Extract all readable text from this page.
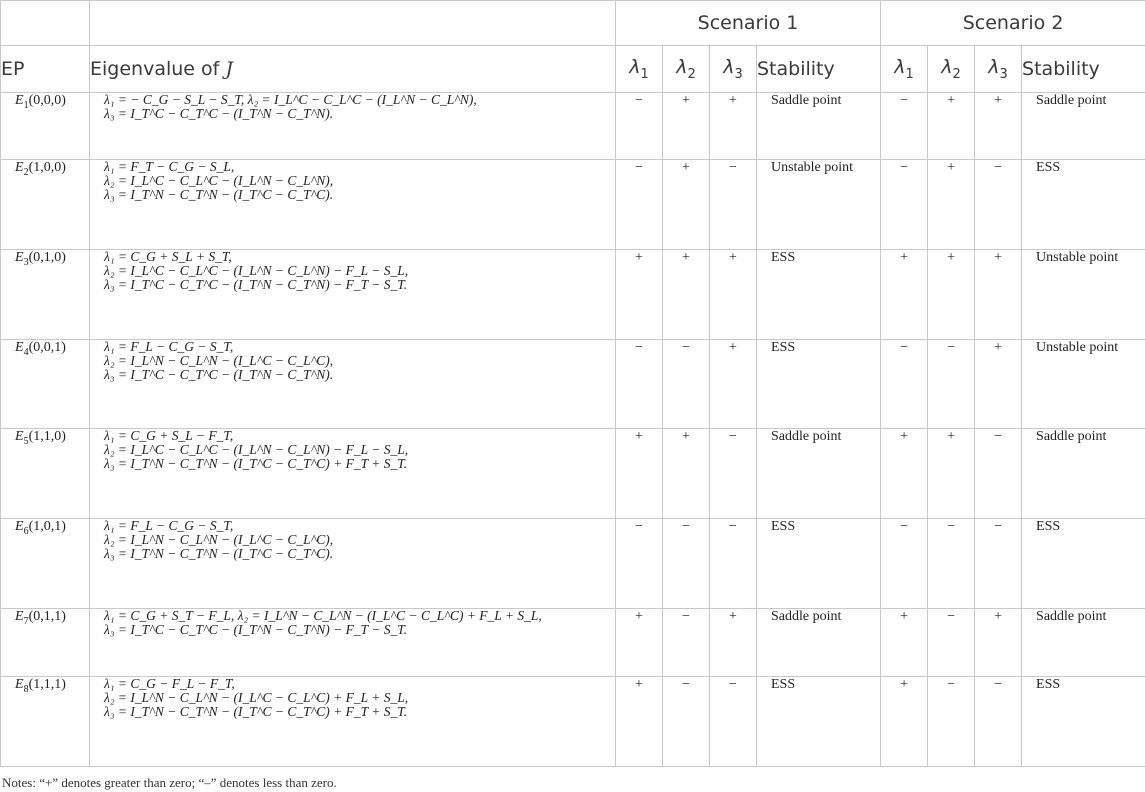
		Scenario 1				Scenario 2			
EP	Eigenvalue of J	$\lambda_1$	$\lambda_2$	$\lambda_3$	Stability	$\lambda_1$	$\lambda_2$	$\lambda_3$	Stability
$E_1(0,0,0)$	λ₁ = − C_G − S_L − S_T, λ₂ = I_L^C − C_L^C − (I_L^N − C_L^N),
λ₃ = I_T^C − C_T^C − (I_T^N − C_T^N).	−	+	+	Saddle point	−	+	+	Saddle point
$E_2(1,0,0)$	λ₁ = F_T − C_G − S_L,
λ₂ = I_L^C − C_L^C − (I_L^N − C_L^N),
λ₃ = I_T^N − C_T^N − (I_T^C − C_T^C).	−	+	−	Unstable point	−	+	−	ESS
$E_3(0,1,0)$	λ₁ = C_G + S_L + S_T,
λ₂ = I_L^C − C_L^C − (I_L^N − C_L^N) − F_L − S_L,
λ₃ = I_T^C − C_T^C − (I_T^N − C_T^N) − F_T − S_T.	+	+	+	ESS	+	+	+	Unstable point
$E_4(0,0,1)$	λ₁ = F_L − C_G − S_T,
λ₂ = I_L^N − C_L^N − (I_L^C − C_L^C),
λ₃ = I_T^C − C_T^C − (I_T^N − C_T^N).	−	−	+	ESS	−	−	+	Unstable point
$E_5(1,1,0)$	λ₁ = C_G + S_L − F_T,
λ₂ = I_L^C − C_L^C − (I_L^N − C_L^N) − F_L − S_L,
λ₃ = I_T^N − C_T^N − (I_T^C − C_T^C) + F_T + S_T.	+	+	−	Saddle point	+	+	−	Saddle point
$E_6(1,0,1)$	λ₁ = F_L − C_G − S_T,
λ₂ = I_L^N − C_L^N − (I_L^C − C_L^C),
λ₃ = I_T^N − C_T^N − (I_T^C − C_T^C).	−	−	−	ESS	−	−	−	ESS
$E_7(0,1,1)$	λ₁ = C_G + S_T − F_L, λ₂ = I_L^N − C_L^N − (I_L^C − C_L^C) + F_L + S_L,
λ₃ = I_T^C − C_T^C − (I_T^N − C_T^N) − F_T − S_T.	+	−	+	Saddle point	+	−	+	Saddle point
$E_8(1,1,1)$	λ₁ = C_G − F_L − F_T,
λ₂ = I_L^N − C_L^N − (I_L^C − C_L^C) + F_L + S_L,
λ₃ = I_T^N − C_T^N − (I_T^C − C_T^C) + F_T + S_T.	+	−	−	ESS	+	−	−	ESS
Notes: “+” denotes greater than zero; “–” denotes less than zero.
